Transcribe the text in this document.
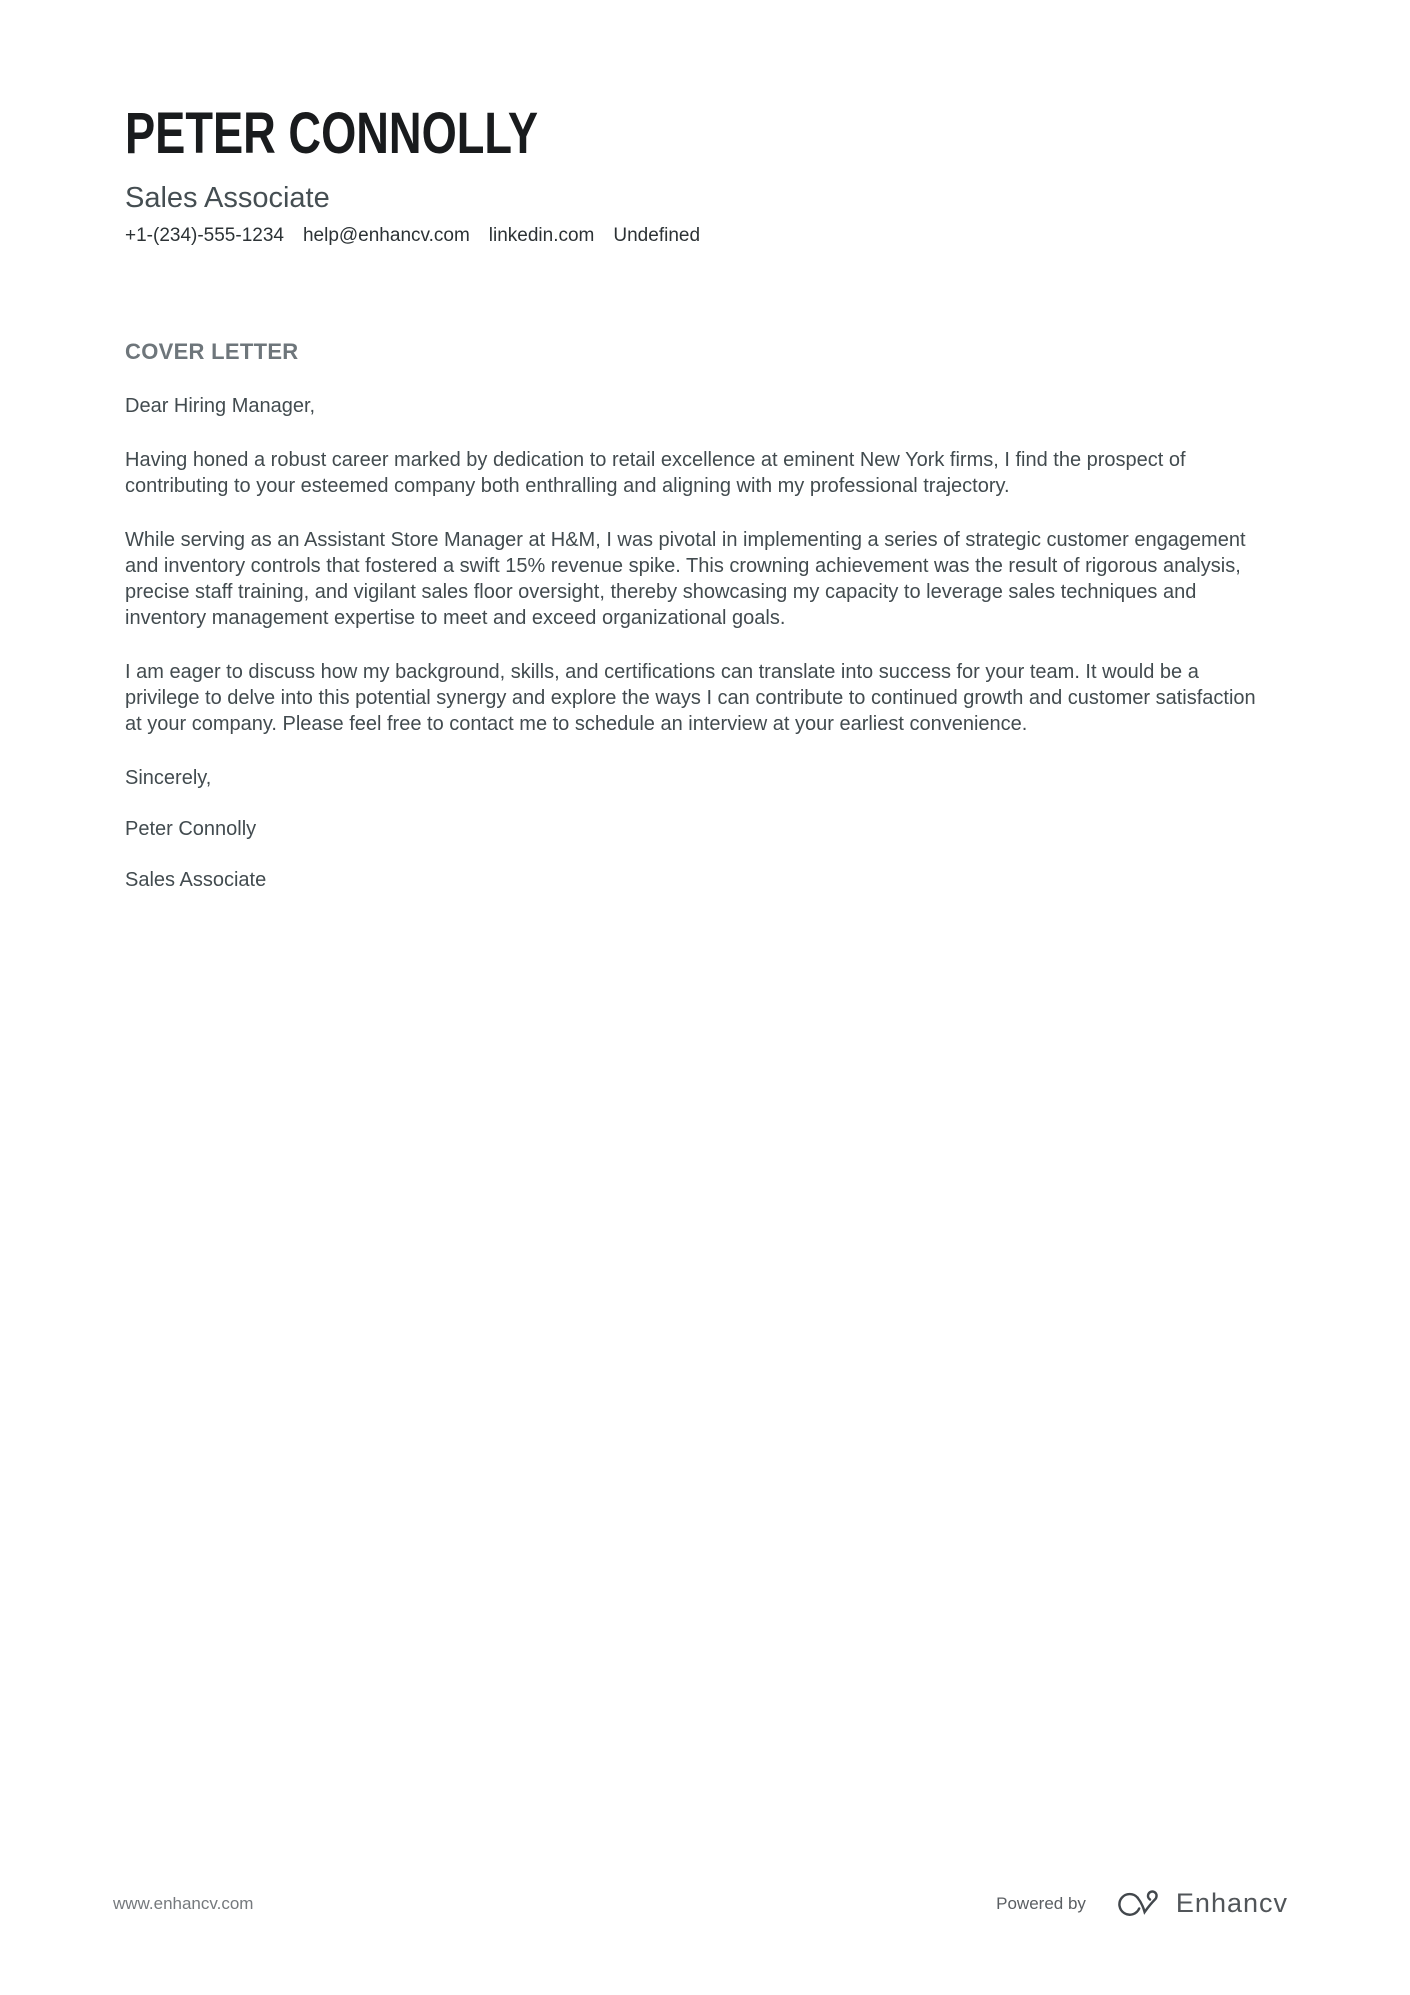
PETER CONNOLLY
Sales Associate
+1-(234)-555-1234 help@enhancv.com linkedin.com Undefined
COVER LETTER

Dear Hiring Manager,

Having honed a robust career marked by dedication to retail excellence at eminent New York firms, I find the prospect of contributing to your esteemed company both enthralling and aligning with my professional trajectory.

While serving as an Assistant Store Manager at H&M, I was pivotal in implementing a series of strategic customer engagement and inventory controls that fostered a swift 15% revenue spike. This crowning achievement was the result of rigorous analysis, precise staff training, and vigilant sales floor oversight, thereby showcasing my capacity to leverage sales techniques and inventory management expertise to meet and exceed organizational goals.

I am eager to discuss how my background, skills, and certifications can translate into success for your team. It would be a privilege to delve into this potential synergy and explore the ways I can contribute to continued growth and customer satisfaction at your company. Please feel free to contact me to schedule an interview at your earliest convenience.

Sincerely,

Peter Connolly

Sales Associate

www.enhancv.com	Powered by	Enhancv
